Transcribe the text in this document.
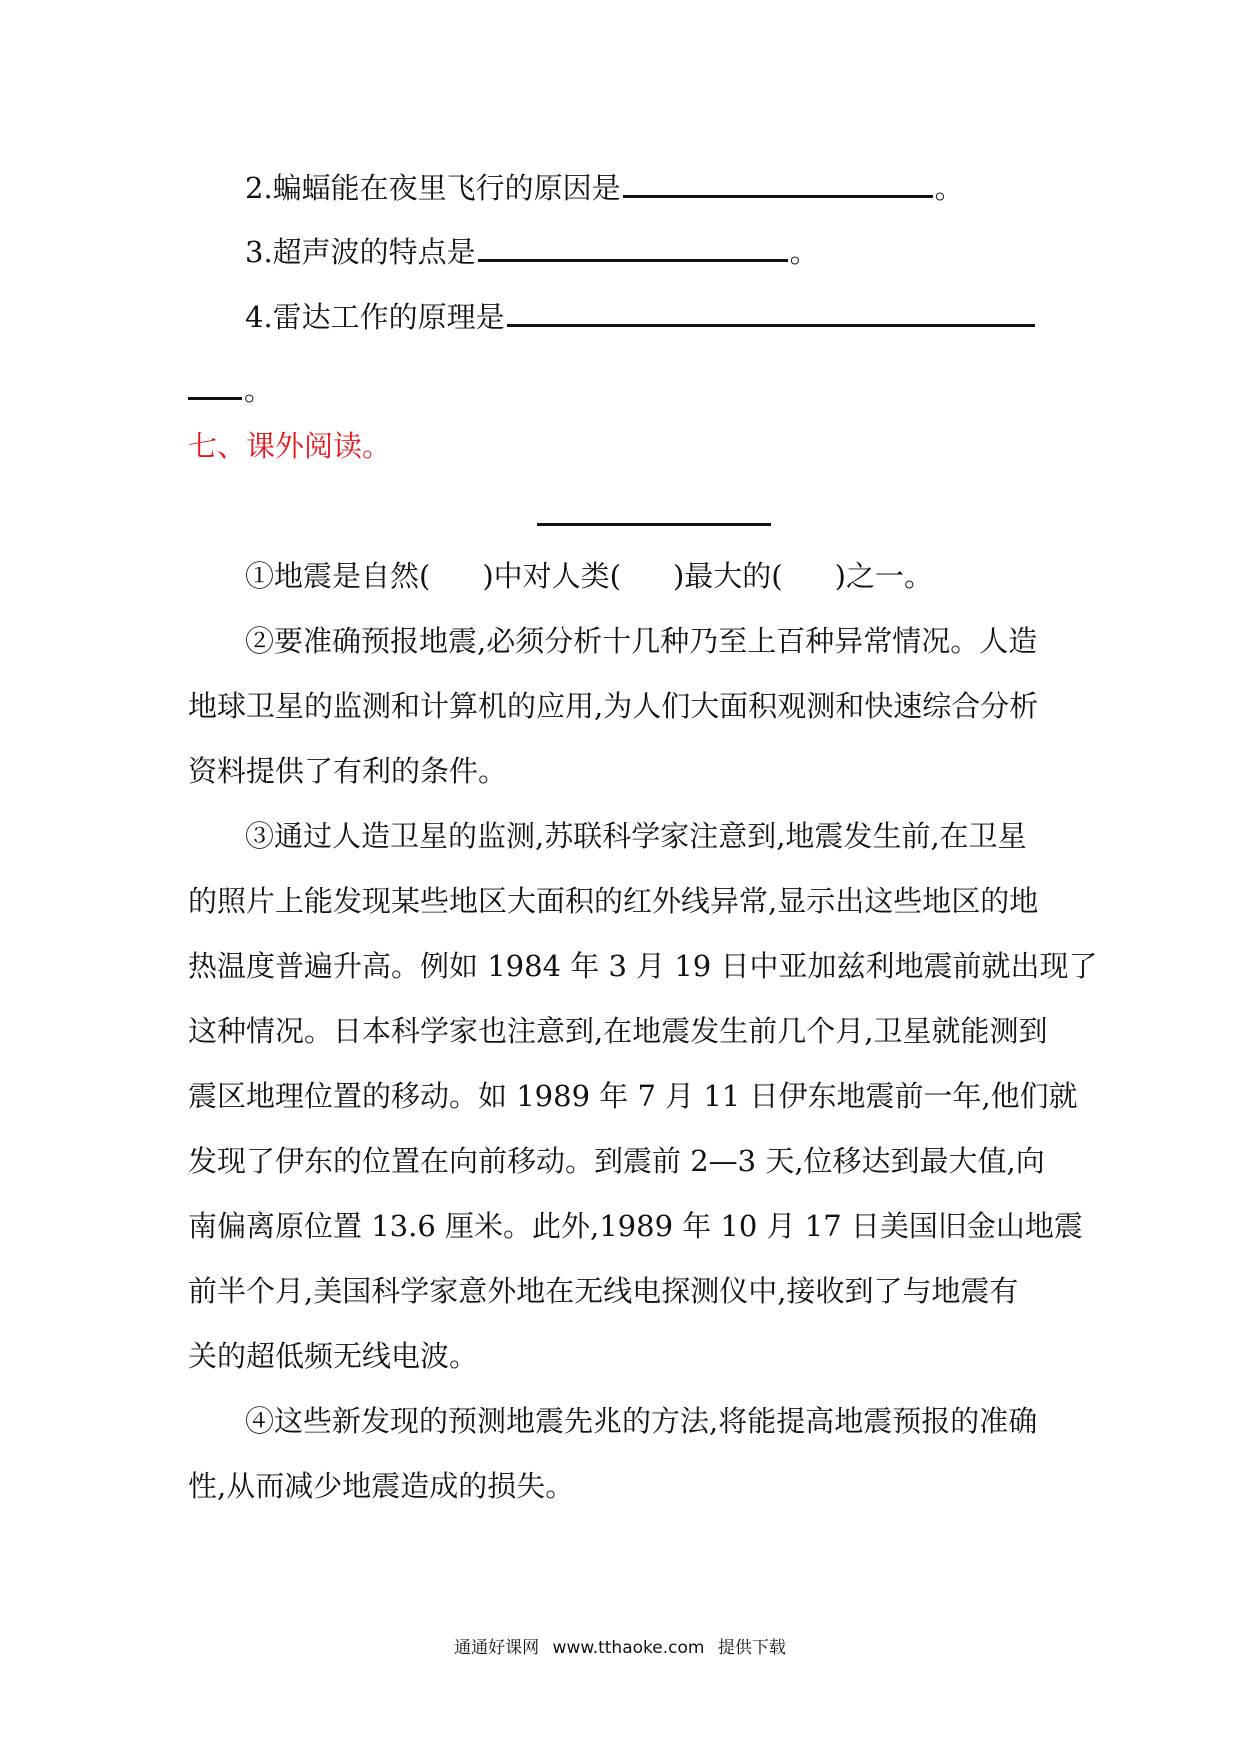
2.蝙蝠能在夜里飞行的原因是	。
3.超声波的特点是	。
4.雷达工作的原理是
。
七、课外阅读。
①地震是自然( )中对人类( )最大的( )之一。
②要准确预报地震,必须分析十几种乃至上百种异常情况。人造
地球卫星的监测和计算机的应用,为人们大面积观测和快速综合分析
资料提供了有利的条件。
③通过人造卫星的监测,苏联科学家注意到,地震发生前,在卫星
的照片上能发现某些地区大面积的红外线异常,显示出这些地区的地
热温度普遍升高。例如 1984 年 3 月 19 日中亚加兹利地震前就出现了
这种情况。日本科学家也注意到,在地震发生前几个月,卫星就能测到
震区地理位置的移动。如 1989 年 7 月 11 日伊东地震前一年,他们就
发现了伊东的位置在向前移动。到震前 2—3 天,位移达到最大值,向
南偏离原位置 13.6 厘米。此外,1989 年 10 月 17 日美国旧金山地震
前半个月,美国科学家意外地在无线电探测仪中,接收到了与地震有
关的超低频无线电波。
④这些新发现的预测地震先兆的方法,将能提高地震预报的准确
性,从而减少地震造成的损失。
通通好课网 www.tthaoke.com 提供下载
